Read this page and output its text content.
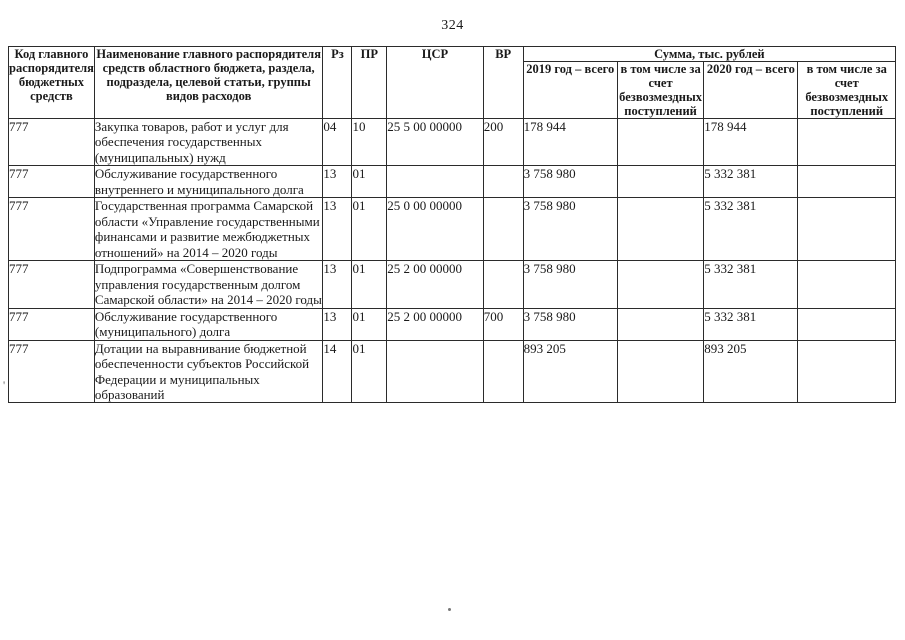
324
'
Код главного распорядителя бюджетных средств	Наименование главного распорядителя средств областного бюджета, раздела, подраздела, целевой статьи, группы видов расходов	Рз	ПР	ЦСР	ВР	Сумма, тыс. рублей			
						2019 год – всего	в том числе за счет безвозмездных поступлений	2020 год – всего	в том числе за счет безвозмездных поступлений
777	Закупка товаров, работ и услуг для обеспечения государственных (муниципальных) нужд	04	10	25 5 00 00000	200	178 944		178 944	
777	Обслуживание государственного внутреннего и муниципального долга	13	01			3 758 980		5 332 381	
777	Государственная программа Самарской области «Управление государственными финансами и развитие межбюджетных отношений» на 2014 – 2020 годы	13	01	25 0 00 00000		3 758 980		5 332 381	
777	Подпрограмма «Совершенствование управления государственным долгом Самарской области» на 2014 – 2020 годы	13	01	25 2 00 00000		3 758 980		5 332 381	
777	Обслуживание государственного (муниципального) долга	13	01	25 2 00 00000	700	3 758 980		5 332 381	
777	Дотации на выравнивание бюджетной обеспеченности субъектов Российской Федерации и муниципальных образований	14	01			893 205		893 205	
